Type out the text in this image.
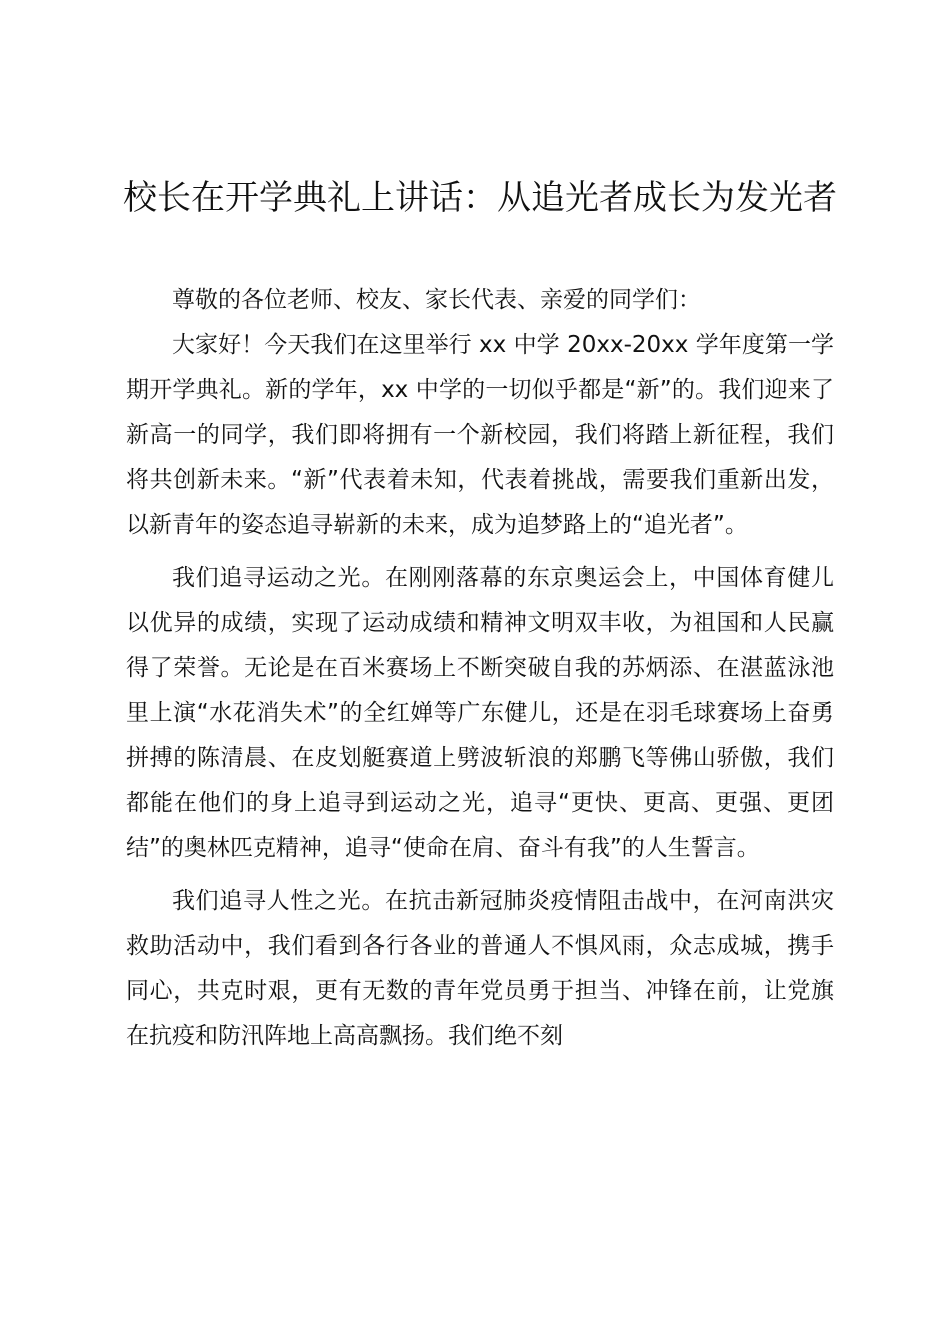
校长在开学典礼上讲话：从追光者成长为发光者

尊敬的各位老师、校友、家长代表、亲爱的同学们：

大家好！今天我们在这里举行 xx 中学 20xx-20xx 学年度第一学期开学典礼。新的学年，xx 中学的一切似乎都是“新”的。我们迎来了新高一的同学，我们即将拥有一个新校园，我们将踏上新征程，我们将共创新未来。“新”代表着未知，代表着挑战，需要我们重新出发，以新青年的姿态追寻崭新的未来，成为追梦路上的“追光者”。

我们追寻运动之光。在刚刚落幕的东京奥运会上，中国体育健儿以优异的成绩，实现了运动成绩和精神文明双丰收，为祖国和人民赢得了荣誉。无论是在百米赛场上不断突破自我的苏炳添、在湛蓝泳池里上演“水花消失术”的全红婵等广东健儿，还是在羽毛球赛场上奋勇拼搏的陈清晨、在皮划艇赛道上劈波斩浪的郑鹏飞等佛山骄傲，我们都能在他们的身上追寻到运动之光，追寻“更快、更高、更强、更团结”的奥林匹克精神，追寻“使命在肩、奋斗有我”的人生誓言。

我们追寻人性之光。在抗击新冠肺炎疫情阻击战中，在河南洪灾救助活动中，我们看到各行各业的普通人不惧风雨，众志成城，携手同心，共克时艰，更有无数的青年党员勇于担当、冲锋在前，让党旗在抗疫和防汛阵地上高高飘扬。我们绝不刻
